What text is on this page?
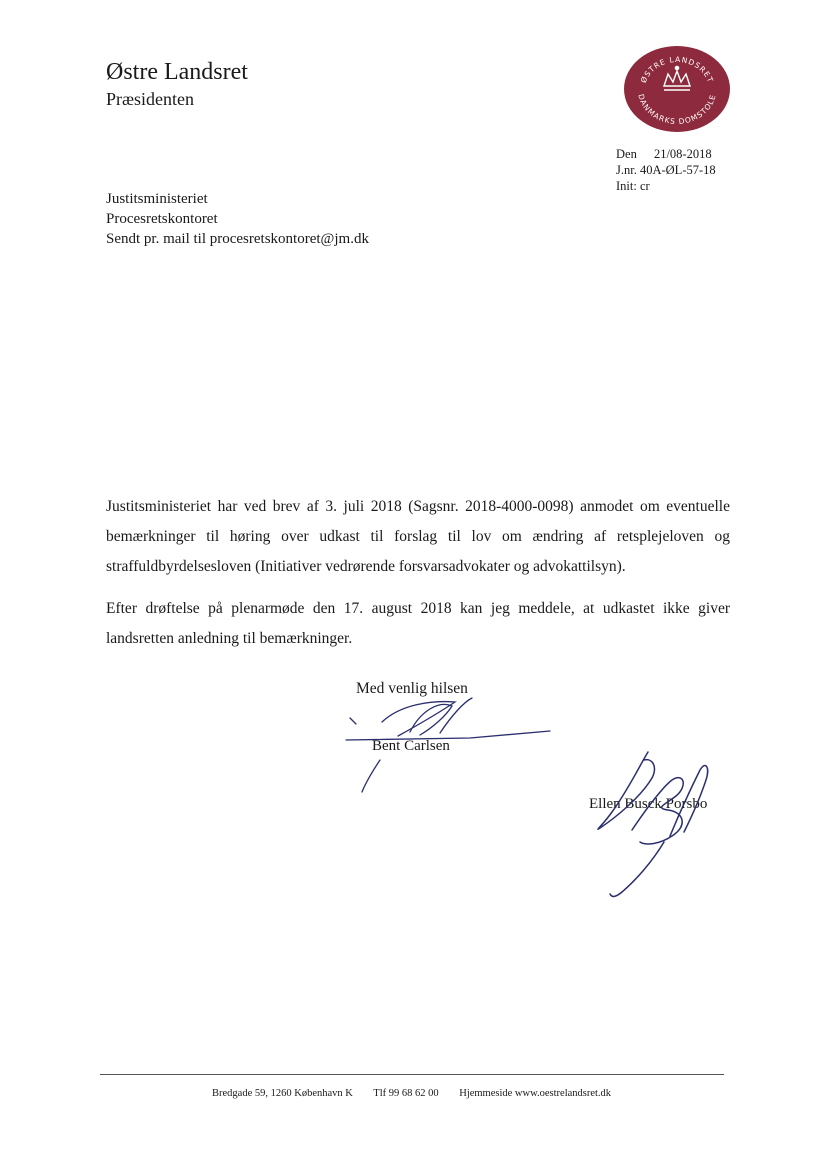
Østre Landsret
Præsidenten
ØSTRE LANDSRET
DANMARKS DOMSTOLE
Den 21/08-2018
J.nr. 40A-ØL-57-18
Init: cr
Justitsministeriet
Procesretskontoret
Sendt pr. mail til procesretskontoret@jm.dk

Justitsministeriet har ved brev af 3. juli 2018 (Sagsnr. 2018-4000-0098) anmodet om eventuelle bemærkninger til høring over udkast til forslag til lov om ændring af retsplejeloven og straffuldbyrdelsesloven (Initiativer vedrørende forsvarsadvokater og advokattilsyn).

Efter drøftelse på plenarmøde den 17. august 2018 kan jeg meddele, at udkastet ikke giver landsretten anledning til bemærkninger.

Med venlig hilsen
Bent Carlsen
Ellen Busck Porsbo
Bredgade 59, 1260 København K Tlf 99 68 62 00 Hjemmeside www.oestrelandsret.dk
